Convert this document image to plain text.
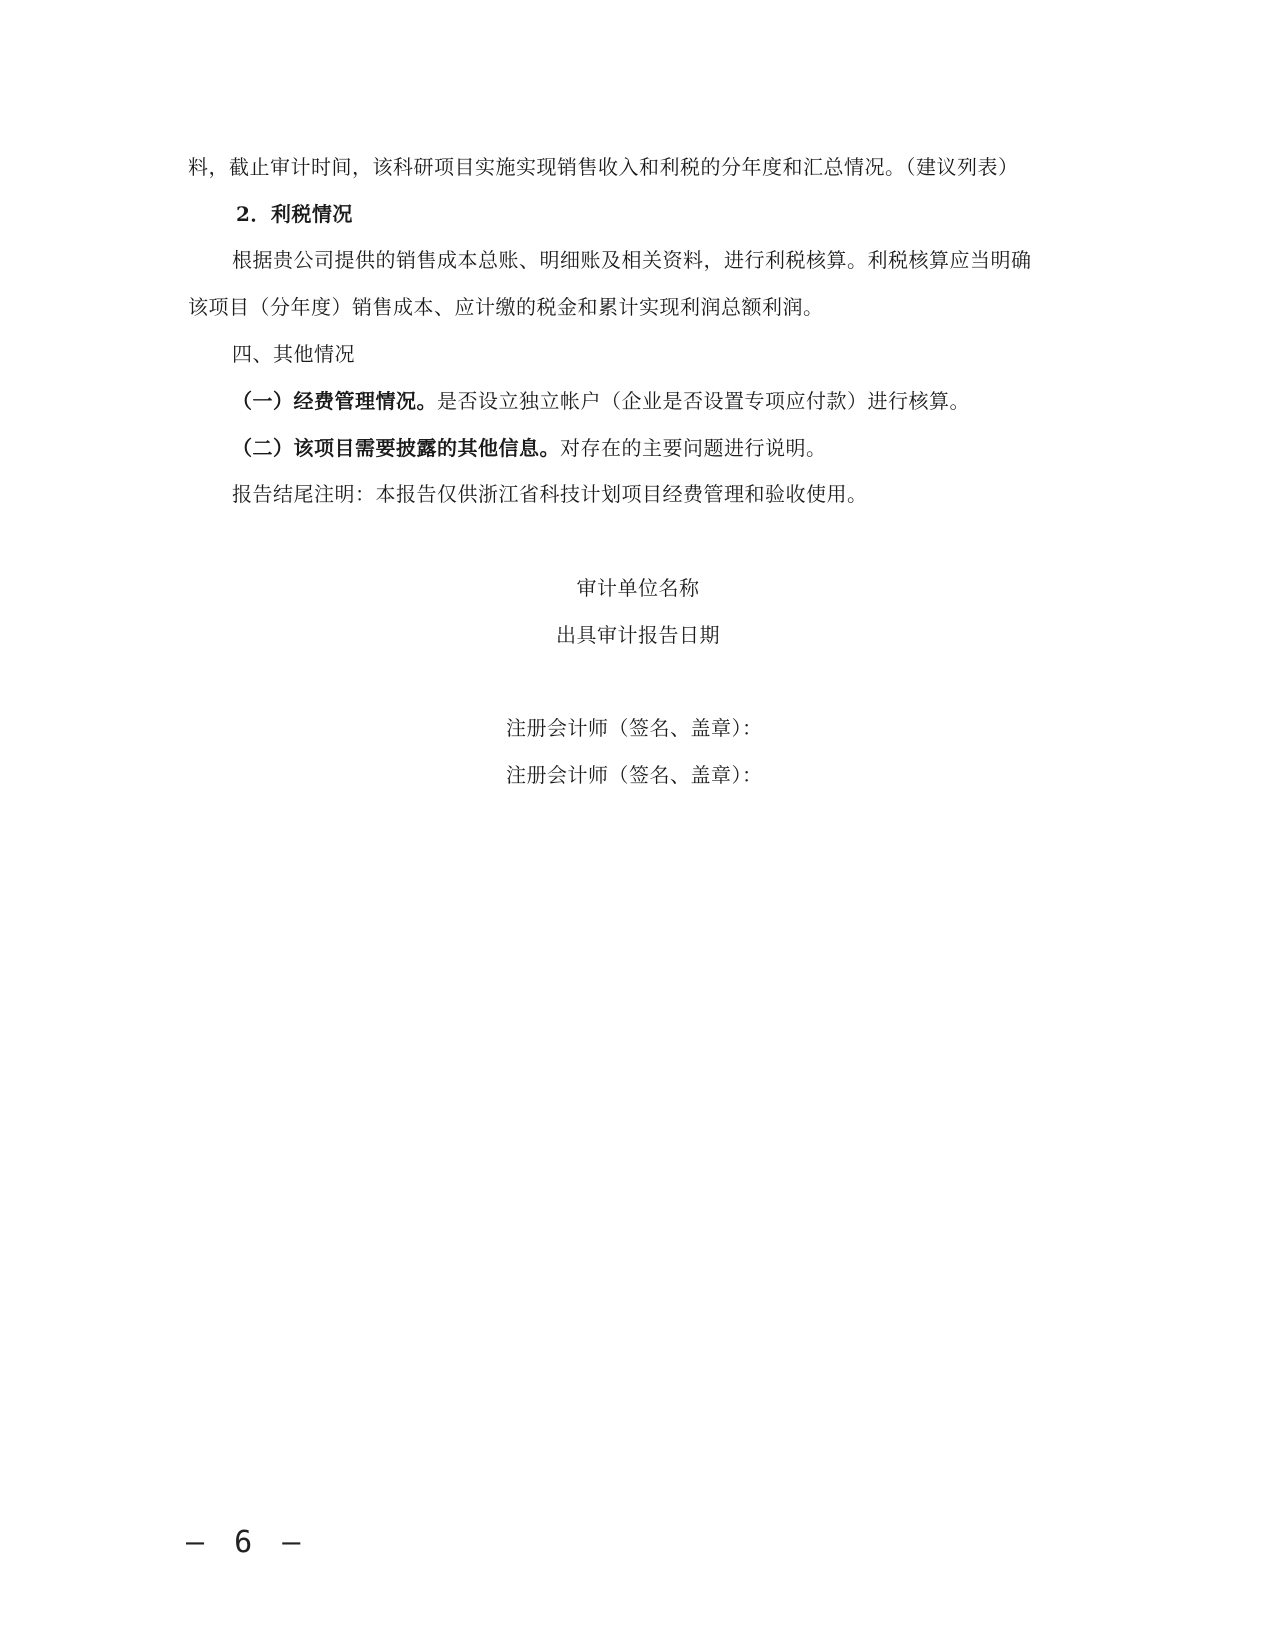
料，截止审计时间，该科研项目实施实现销售收入和利税的分年度和汇总情况。（建议列表）
2．利税情况
根据贵公司提供的销售成本总账、明细账及相关资料，进行利税核算。利税核算应当明确
该项目（分年度）销售成本、应计缴的税金和累计实现利润总额利润。
四、其他情况
（一）经费管理情况。是否设立独立帐户（企业是否设置专项应付款）进行核算。
（二）该项目需要披露的其他信息。对存在的主要问题进行说明。
报告结尾注明：本报告仅供浙江省科技计划项目经费管理和验收使用。
审计单位名称
出具审计报告日期
注册会计师（签名、盖章）：
注册会计师（签名、盖章）：
— 6 —
